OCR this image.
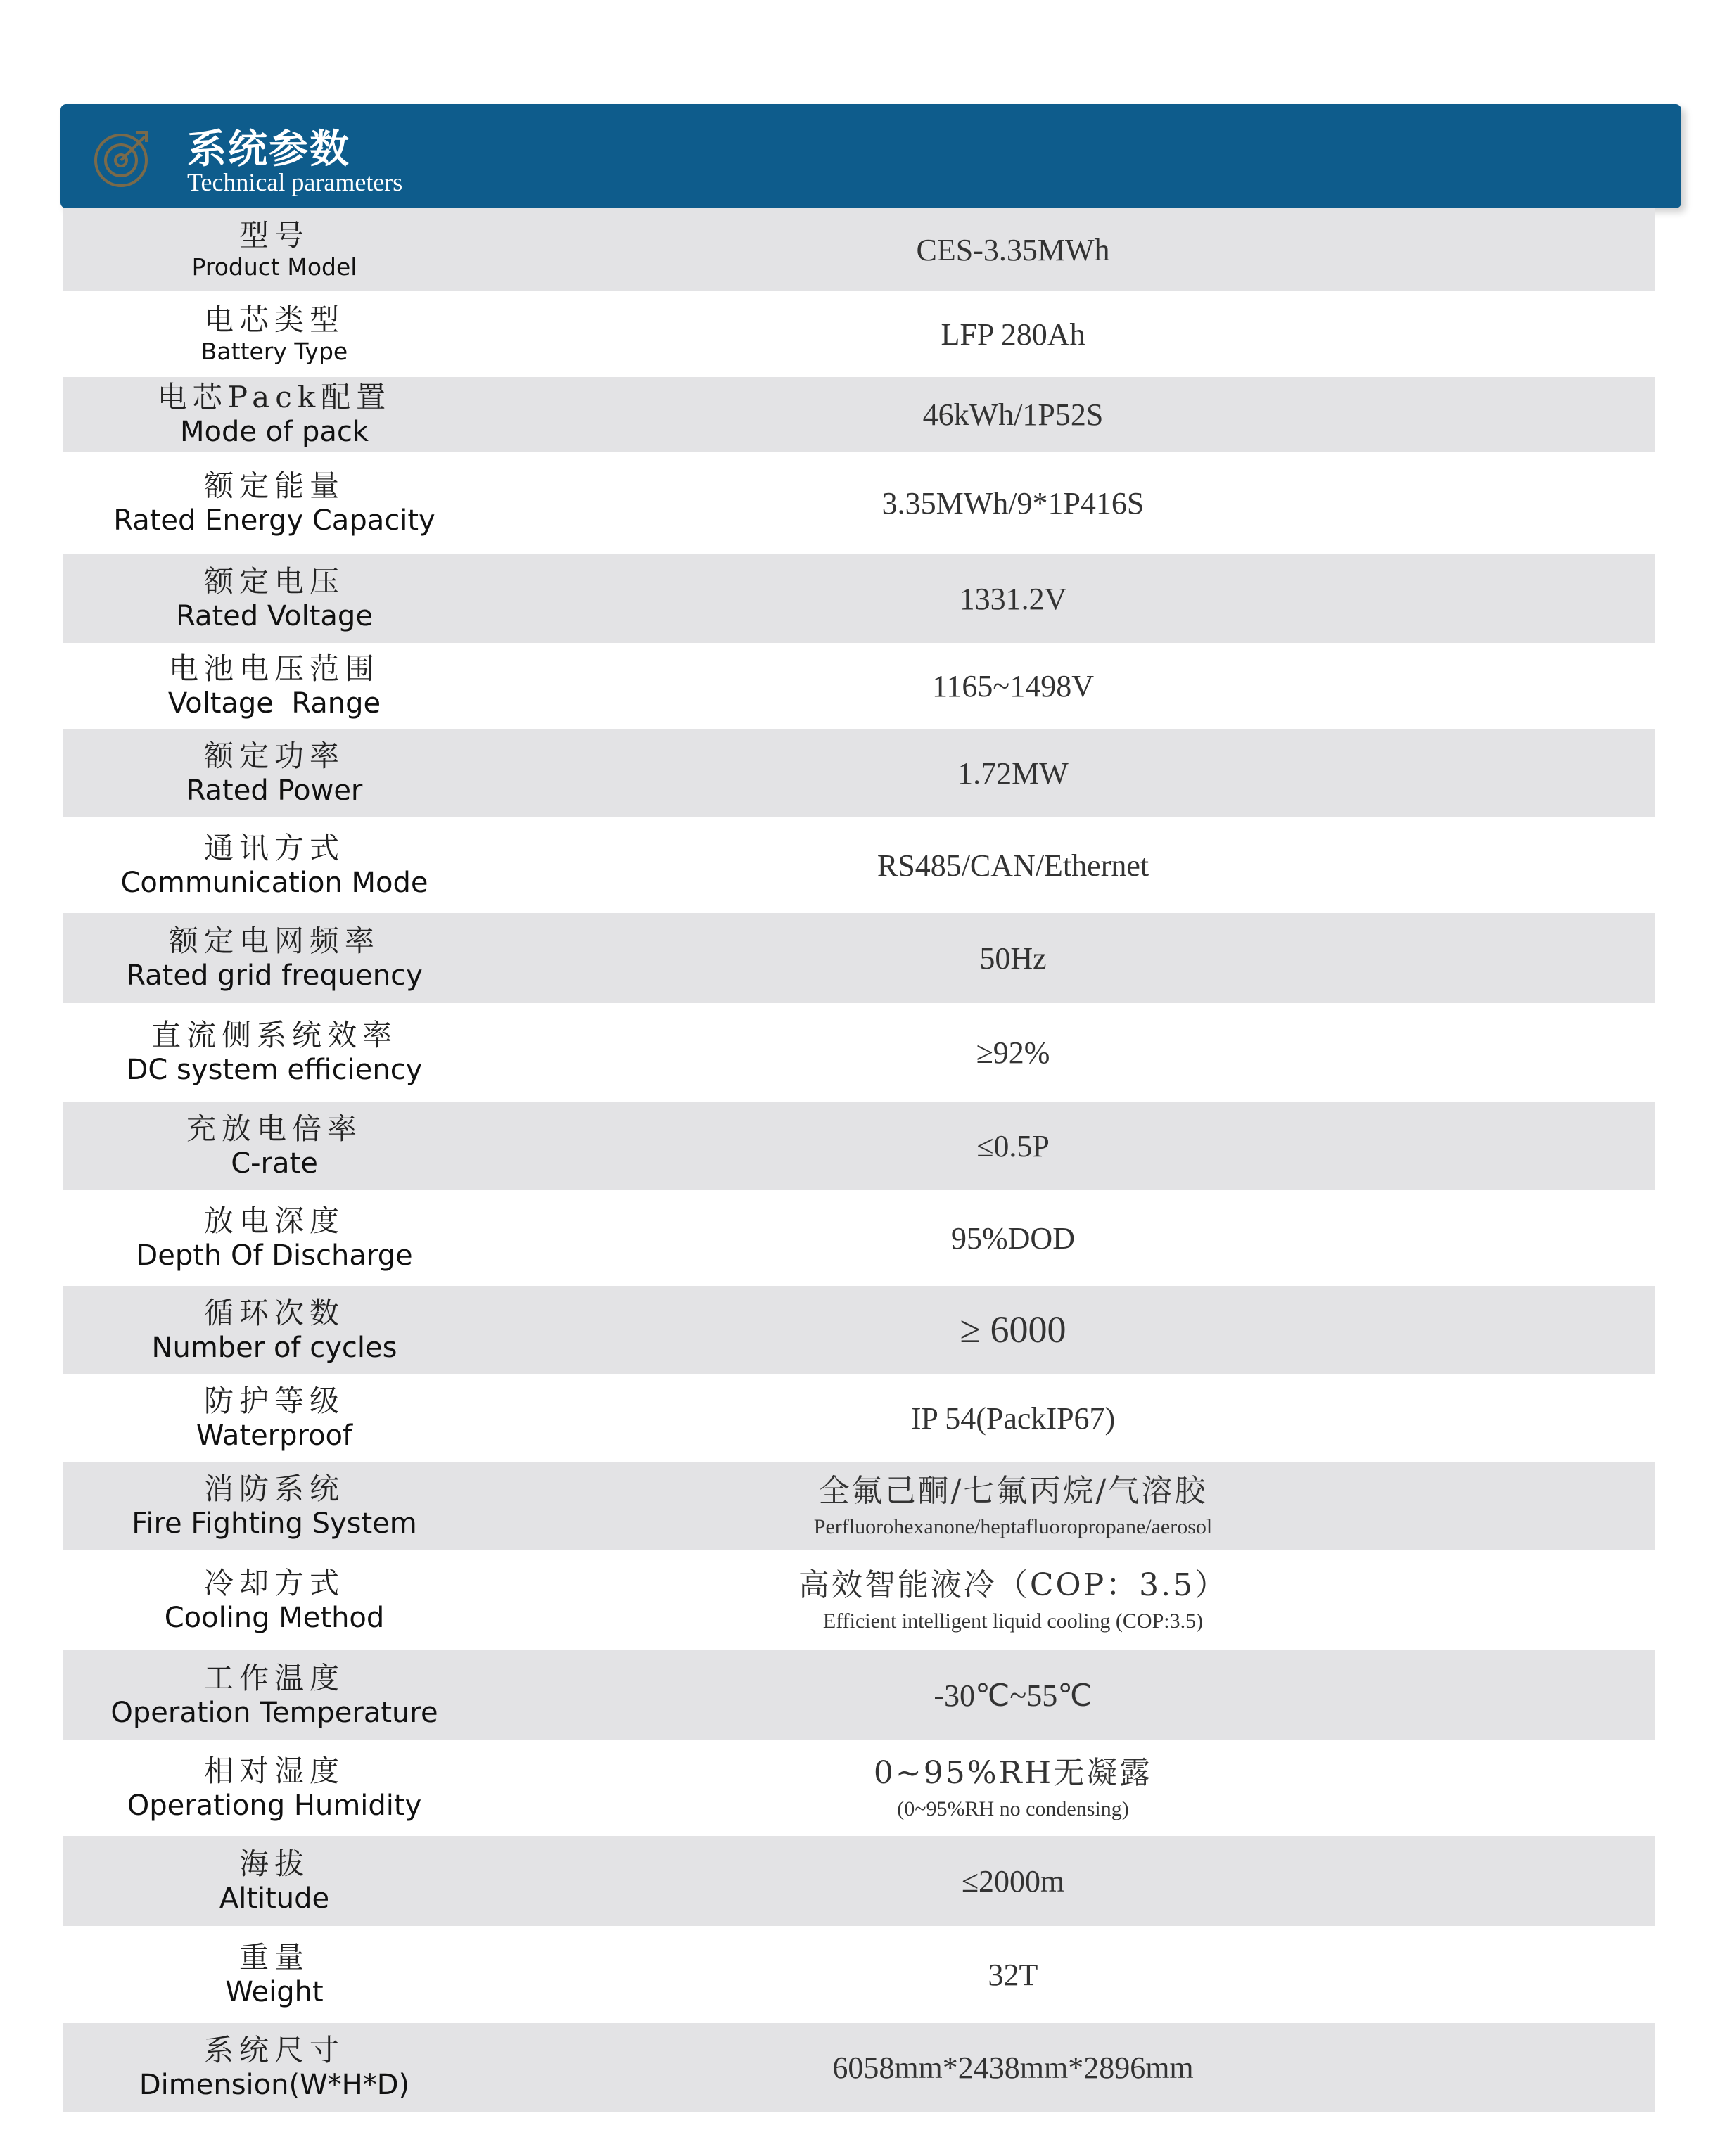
系统参数
Technical parameters
型号
Product Model
CES-3.35MWh
电芯类型
Battery Type
LFP 280Ah
电芯Pack配置
Mode of pack
46kWh/1P52S
额定能量
Rated Energy Capacity
3.35MWh/9*1P416S
额定电压
Rated Voltage
1331.2V
电池电压范围
Voltage  Range
1165~1498V
额定功率
Rated Power
1.72MW
通讯方式
Communication Mode
RS485/CAN/Ethernet
额定电网频率
Rated grid frequency
50Hz
直流侧系统效率
DC system efficiency
≥92%
充放电倍率
C-rate
≤0.5P
放电深度
Depth Of Discharge
95%DOD
循环次数
Number of cycles	≥ 6000
防护等级
Waterproof
IP 54(PackIP67)
消防系统
Fire Fighting System
全氟己酮/七氟丙烷/气溶胶
Perfluorohexanone/heptafluoropropane/aerosol
冷却方式
Cooling Method
高效智能液冷（COP：3.5）
Efficient intelligent liquid cooling (COP:3.5)
工作温度
Operation Temperature
-30℃~55℃
相对湿度
Operationg Humidity
0~95%RH无凝露
(0~95%RH no condensing)
海拔
Altitude
≤2000m
重量
Weight
32T
系统尺寸
Dimension(W*H*D)
6058mm*2438mm*2896mm
